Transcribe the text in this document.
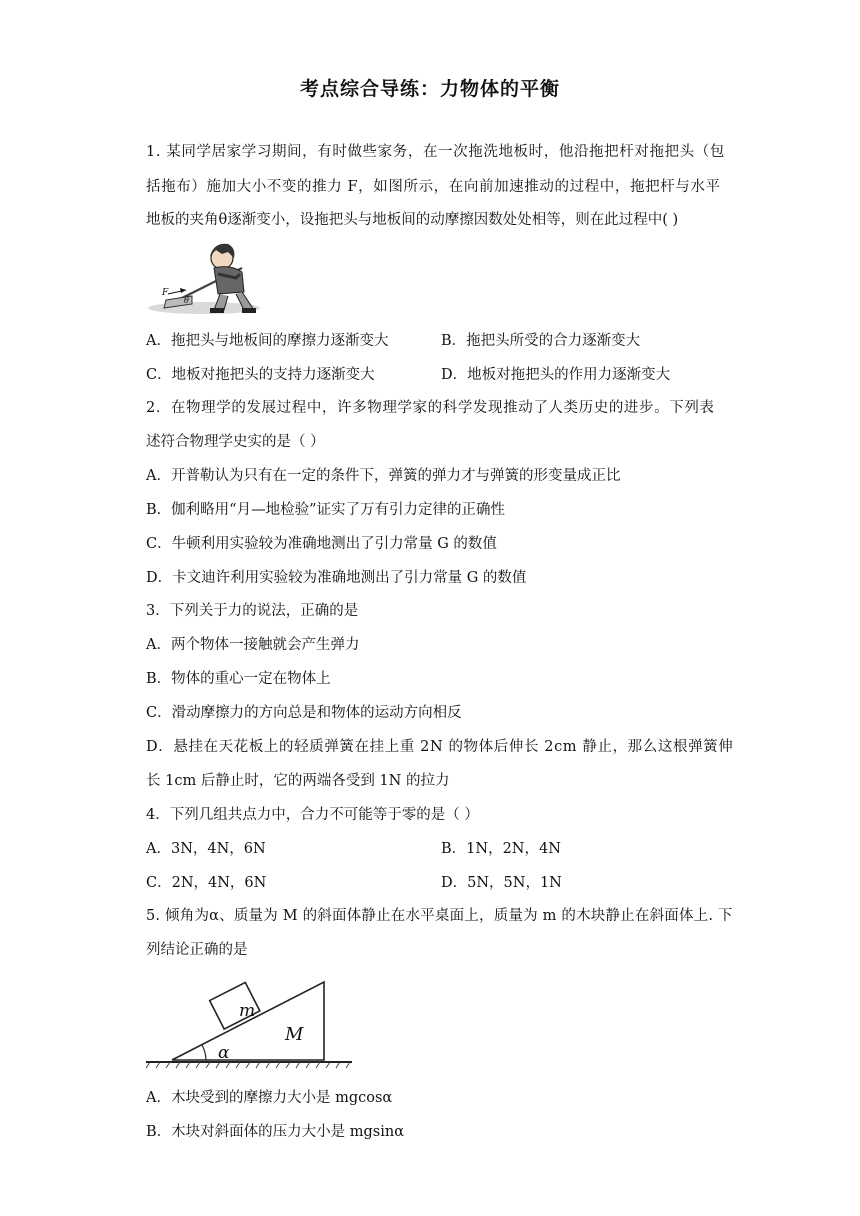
考点综合导练：力物体的平衡
1. 某同学居家学习期间，有时做些家务，在一次拖洗地板时，他沿拖把杆对拖把头（包
括拖布）施加大小不变的推力 F，如图所示，在向前加速推动的过程中，拖把杆与水平
地板的夹角θ逐渐变小，设拖把头与地板间的动摩擦因数处处相等，则在此过程中( )
F
θ
A．拖把头与地板间的摩擦力逐渐变大	B．拖把头所受的合力逐渐变大
C．地板对拖把头的支持力逐渐变大	D．地板对拖把头的作用力逐渐变大
2．在物理学的发展过程中，许多物理学家的科学发现推动了人类历史的进步。下列表
述符合物理学史实的是（ ）
A．开普勒认为只有在一定的条件下，弹簧的弹力才与弹簧的形变量成正比
B．伽利略用“月—地检验”证实了万有引力定律的正确性
C．牛顿利用实验较为准确地测出了引力常量 G 的数值
D．卡文迪许利用实验较为准确地测出了引力常量 G 的数值
3．下列关于力的说法，正确的是
A．两个物体一接触就会产生弹力
B．物体的重心一定在物体上
C．滑动摩擦力的方向总是和物体的运动方向相反
D．悬挂在天花板上的轻质弹簧在挂上重 2N 的物体后伸长 2cm 静止，那么这根弹簧伸
长 1cm 后静止时，它的两端各受到 1N 的拉力
4．下列几组共点力中，合力不可能等于零的是（ ）
A．3N，4N，6N	B．1N，2N，4N
C．2N，4N，6N	D．5N，5N，1N
5. 倾角为α、质量为 M 的斜面体静止在水平桌面上，质量为 m 的木块静止在斜面体上. 下
列结论正确的是
m
M
α
A．木块受到的摩擦力大小是 mgcosα
B．木块对斜面体的压力大小是 mgsinα
